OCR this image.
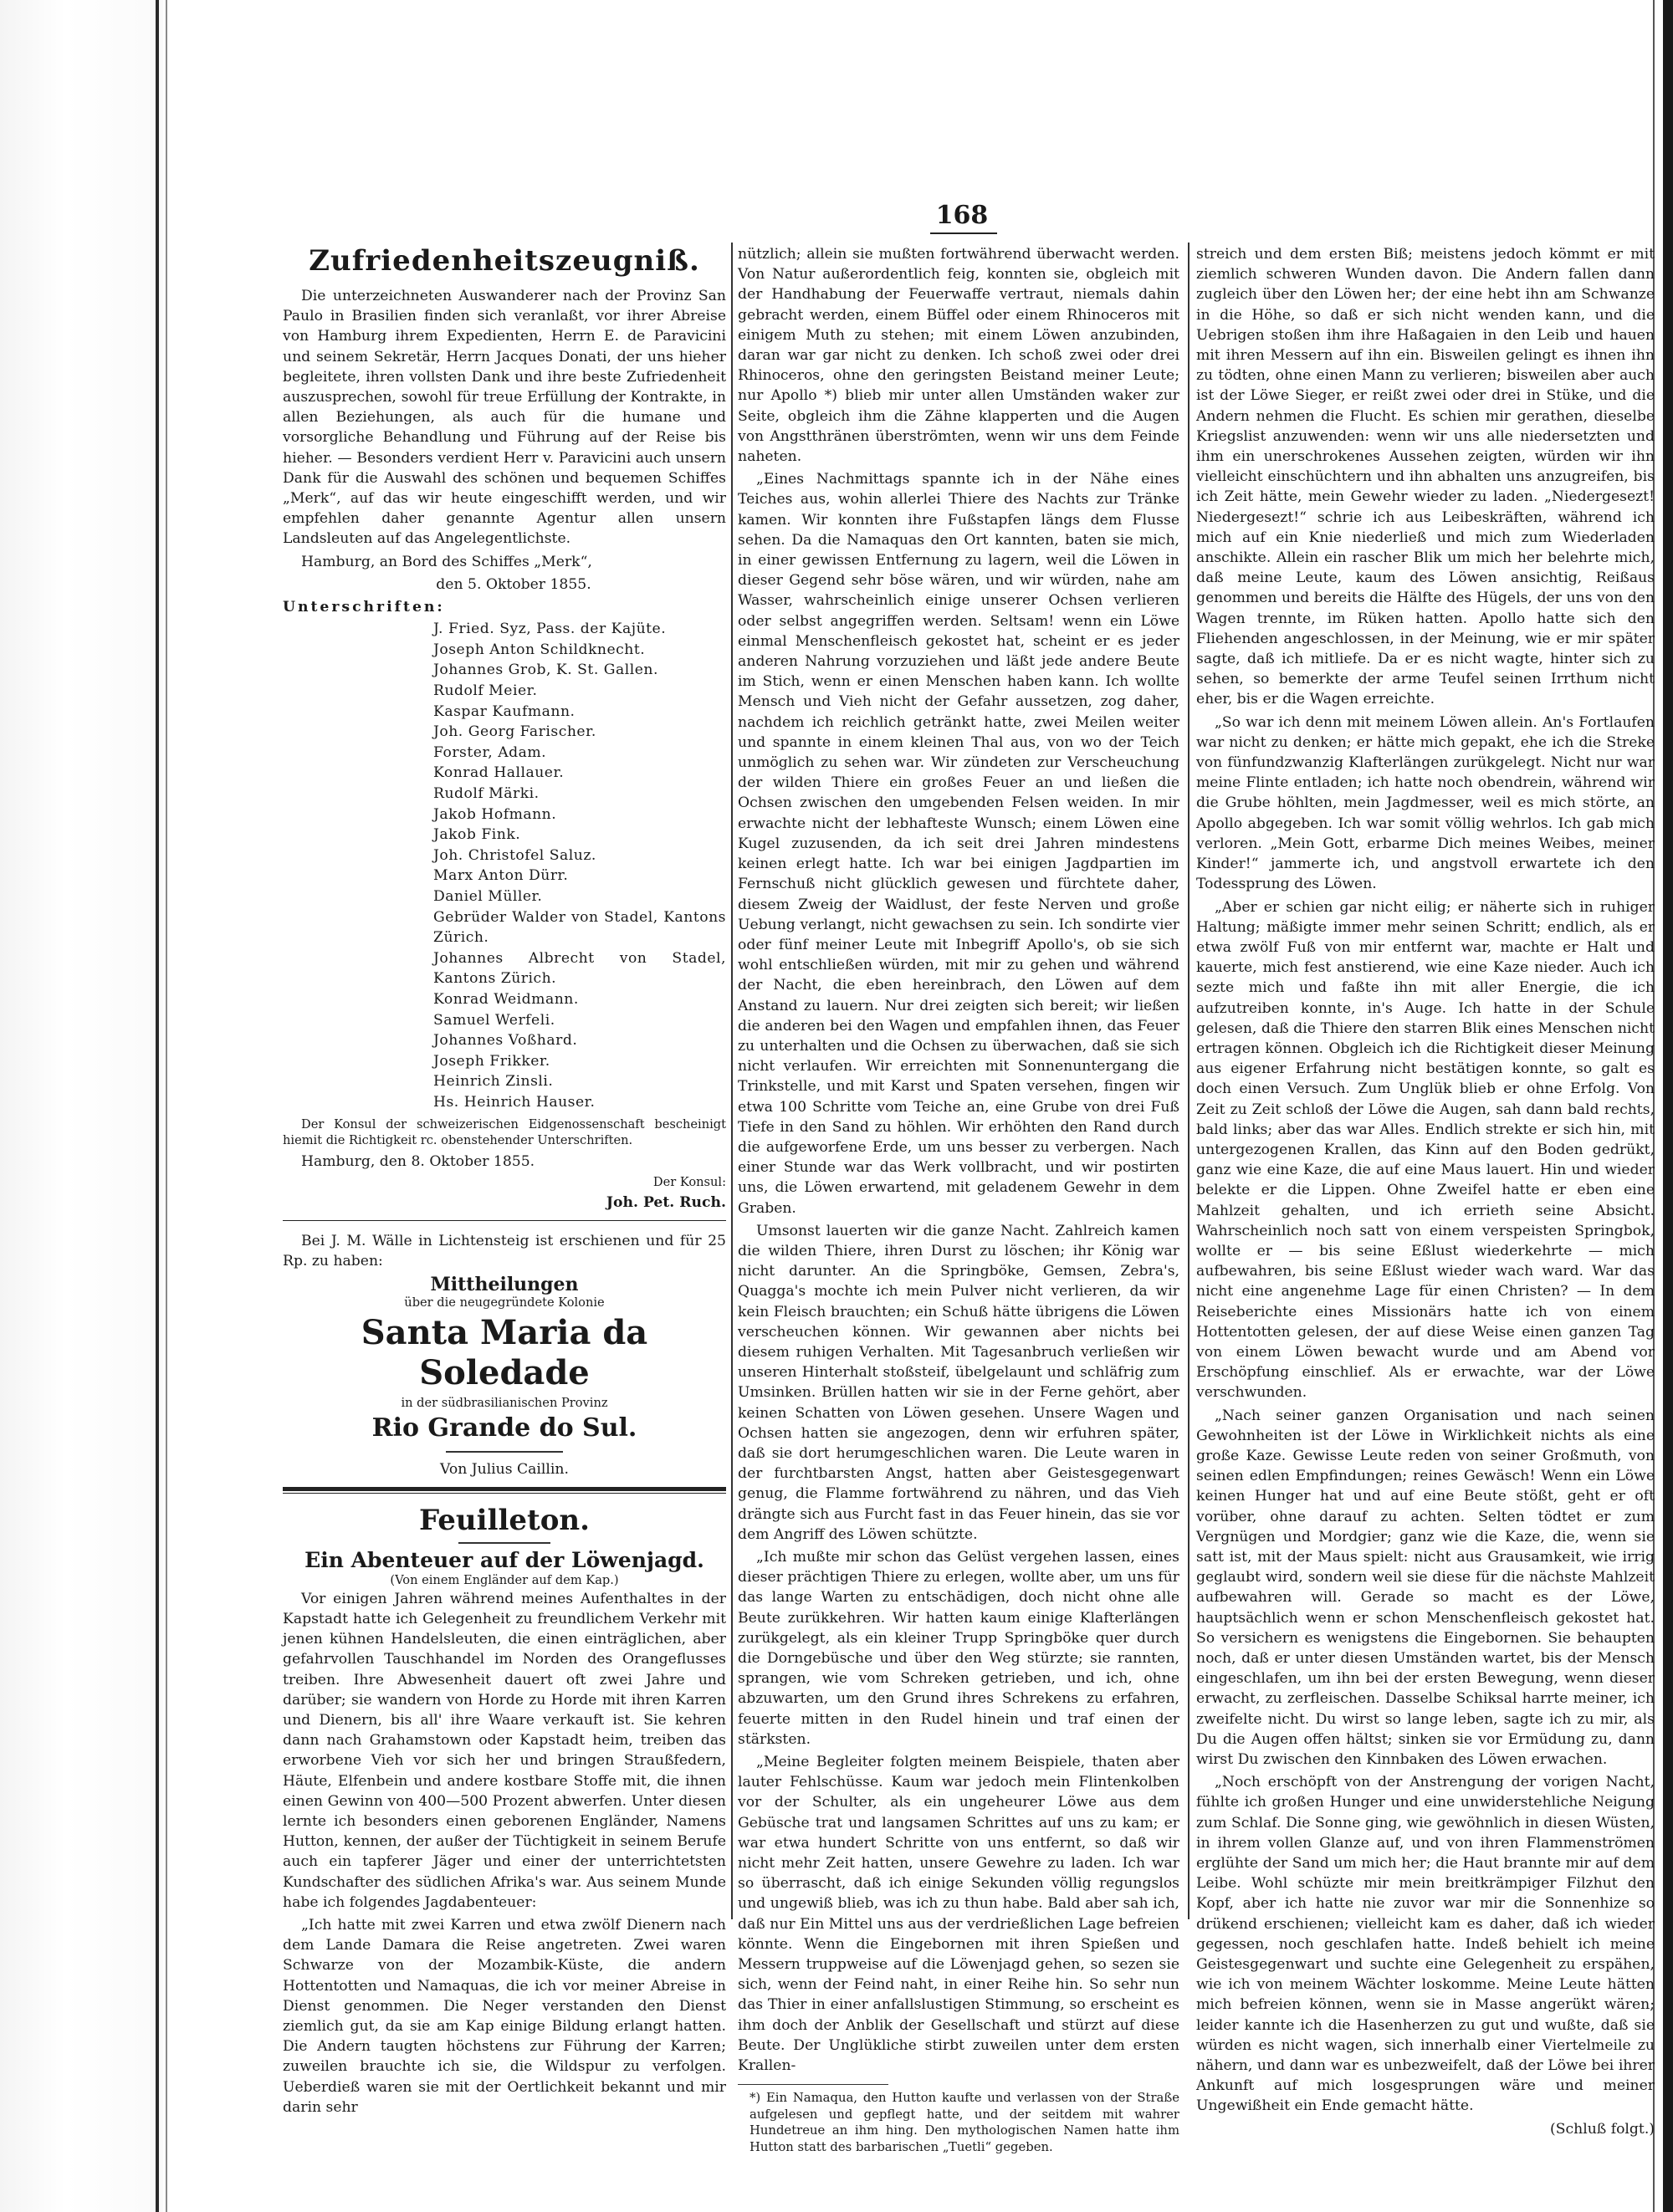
168
Zufriedenheitszeugniß.

Die unterzeichneten Auswanderer nach der Provinz San Paulo in Brasilien finden sich veranlaßt, vor ihrer Abreise von Hamburg ihrem Expedienten, Herrn E. de Paravicini und seinem Sekretär, Herrn Jacques Donati, der uns hieher begleitete, ihren vollsten Dank und ihre beste Zufriedenheit auszusprechen, sowohl für treue Erfüllung der Kontrakte, in allen Beziehungen, als auch für die humane und vorsorgliche Behandlung und Führung auf der Reise bis hieher. — Besonders verdient Herr v. Paravicini auch unsern Dank für die Auswahl des schönen und bequemen Schiffes „Merk“, auf das wir heute eingeschifft werden, und wir empfehlen daher genannte Agentur allen unsern Landsleuten auf das Angelegentlichste.

Hamburg, an Bord des Schiffes „Merk“,

den 5. Oktober 1855.

Unterschriften:

J. Fried. Syz, Pass. der Kajüte.
Joseph Anton Schildknecht.
Johannes Grob, K. St. Gallen.
Rudolf Meier.
Kaspar Kaufmann.
Joh. Georg Farischer.
Forster, Adam.
Konrad Hallauer.
Rudolf Märki.
Jakob Hofmann.
Jakob Fink.
Joh. Christofel Saluz.
Marx Anton Dürr.
Daniel Müller.
Gebrüder Walder von Stadel, Kantons Zürich.
Johannes Albrecht von Stadel, Kantons Zürich.
Konrad Weidmann.
Samuel Werfeli.
Johannes Voßhard.
Joseph Frikker.
Heinrich Zinsli.
Hs. Heinrich Hauser.

Der Konsul der schweizerischen Eidgenossenschaft bescheinigt hiemit die Richtigkeit rc. obenstehender Unterschriften.

Hamburg, den 8. Oktober 1855.

Der Konsul:

Joh. Pet. Ruch.

Bei J. M. Wälle in Lichtensteig ist erschienen und für 25 Rp. zu haben:

Mittheilungen
über die neugegründete Kolonie
Santa Maria da Soledade
in der südbrasilianischen Provinz
Rio Grande do Sul.
Von Julius Caillin.
Feuilleton.
Ein Abenteuer auf der Löwenjagd.
(Von einem Engländer auf dem Kap.)

Vor einigen Jahren während meines Aufenthaltes in der Kapstadt hatte ich Gelegenheit zu freundlichem Verkehr mit jenen kühnen Handelsleuten, die einen einträglichen, aber gefahrvollen Tauschhandel im Norden des Orangeflusses treiben. Ihre Abwesenheit dauert oft zwei Jahre und darüber; sie wandern von Horde zu Horde mit ihren Karren und Dienern, bis all' ihre Waare verkauft ist. Sie kehren dann nach Grahamstown oder Kapstadt heim, treiben das erworbene Vieh vor sich her und bringen Straußfedern, Häute, Elfenbein und andere kostbare Stoffe mit, die ihnen einen Gewinn von 400—500 Prozent abwerfen. Unter diesen lernte ich besonders einen geborenen Engländer, Namens Hutton, kennen, der außer der Tüchtigkeit in seinem Berufe auch ein tapferer Jäger und einer der unterrichtetsten Kundschafter des südlichen Afrika's war. Aus seinem Munde habe ich folgendes Jagdabenteuer:

„Ich hatte mit zwei Karren und etwa zwölf Dienern nach dem Lande Damara die Reise angetreten. Zwei waren Schwarze von der Mozambik-Küste, die andern Hottentotten und Namaquas, die ich vor meiner Abreise in Dienst genommen. Die Neger verstanden den Dienst ziemlich gut, da sie am Kap einige Bildung erlangt hatten. Die Andern taugten höchstens zur Führung der Karren; zuweilen brauchte ich sie, die Wildspur zu verfolgen. Ueberdieß waren sie mit der Oertlichkeit bekannt und mir darin sehr

nützlich; allein sie mußten fortwährend überwacht werden. Von Natur außerordentlich feig, konnten sie, obgleich mit der Handhabung der Feuerwaffe vertraut, niemals dahin gebracht werden, einem Büffel oder einem Rhinoceros mit einigem Muth zu stehen; mit einem Löwen anzubinden, daran war gar nicht zu denken. Ich schoß zwei oder drei Rhinoceros, ohne den geringsten Beistand meiner Leute; nur Apollo *) blieb mir unter allen Umständen waker zur Seite, obgleich ihm die Zähne klapperten und die Augen von Angstthränen überströmten, wenn wir uns dem Feinde naheten.

„Eines Nachmittags spannte ich in der Nähe eines Teiches aus, wohin allerlei Thiere des Nachts zur Tränke kamen. Wir konnten ihre Fußstapfen längs dem Flusse sehen. Da die Namaquas den Ort kannten, baten sie mich, in einer gewissen Entfernung zu lagern, weil die Löwen in dieser Gegend sehr böse wären, und wir würden, nahe am Wasser, wahrscheinlich einige unserer Ochsen verlieren oder selbst angegriffen werden. Seltsam! wenn ein Löwe einmal Menschenfleisch gekostet hat, scheint er es jeder anderen Nahrung vorzuziehen und läßt jede andere Beute im Stich, wenn er einen Menschen haben kann. Ich wollte Mensch und Vieh nicht der Gefahr aussetzen, zog daher, nachdem ich reichlich getränkt hatte, zwei Meilen weiter und spannte in einem kleinen Thal aus, von wo der Teich unmöglich zu sehen war. Wir zündeten zur Verscheuchung der wilden Thiere ein großes Feuer an und ließen die Ochsen zwischen den umgebenden Felsen weiden. In mir erwachte nicht der lebhafteste Wunsch; einem Löwen eine Kugel zuzusenden, da ich seit drei Jahren mindestens keinen erlegt hatte. Ich war bei einigen Jagdpartien im Fernschuß nicht glücklich gewesen und fürchtete daher, diesem Zweig der Waidlust, der feste Nerven und große Uebung verlangt, nicht gewachsen zu sein. Ich sondirte vier oder fünf meiner Leute mit Inbegriff Apollo's, ob sie sich wohl entschließen würden, mit mir zu gehen und während der Nacht, die eben hereinbrach, den Löwen auf dem Anstand zu lauern. Nur drei zeigten sich bereit; wir ließen die anderen bei den Wagen und empfahlen ihnen, das Feuer zu unterhalten und die Ochsen zu überwachen, daß sie sich nicht verlaufen. Wir erreichten mit Sonnenuntergang die Trinkstelle, und mit Karst und Spaten versehen, fingen wir etwa 100 Schritte vom Teiche an, eine Grube von drei Fuß Tiefe in den Sand zu höhlen. Wir erhöhten den Rand durch die aufgeworfene Erde, um uns besser zu verbergen. Nach einer Stunde war das Werk vollbracht, und wir postirten uns, die Löwen erwartend, mit geladenem Gewehr in dem Graben.

Umsonst lauerten wir die ganze Nacht. Zahlreich kamen die wilden Thiere, ihren Durst zu löschen; ihr König war nicht darunter. An die Springböke, Gemsen, Zebra's, Quagga's mochte ich mein Pulver nicht verlieren, da wir kein Fleisch brauchten; ein Schuß hätte übrigens die Löwen verscheuchen können. Wir gewannen aber nichts bei diesem ruhigen Verhalten. Mit Tagesanbruch verließen wir unseren Hinterhalt stoßsteif, übelgelaunt und schläfrig zum Umsinken. Brüllen hatten wir sie in der Ferne gehört, aber keinen Schatten von Löwen gesehen. Unsere Wagen und Ochsen hatten sie angezogen, denn wir erfuhren später, daß sie dort herumgeschlichen waren. Die Leute waren in der furchtbarsten Angst, hatten aber Geistesgegenwart genug, die Flamme fortwährend zu nähren, und das Vieh drängte sich aus Furcht fast in das Feuer hinein, das sie vor dem Angriff des Löwen schützte.

„Ich mußte mir schon das Gelüst vergehen lassen, eines dieser prächtigen Thiere zu erlegen, wollte aber, um uns für das lange Warten zu entschädigen, doch nicht ohne alle Beute zurükkehren. Wir hatten kaum einige Klafterlängen zurükgelegt, als ein kleiner Trupp Springböke quer durch die Dorngebüsche und über den Weg stürzte; sie rannten, sprangen, wie vom Schreken getrieben, und ich, ohne abzuwarten, um den Grund ihres Schrekens zu erfahren, feuerte mitten in den Rudel hinein und traf einen der stärksten.

„Meine Begleiter folgten meinem Beispiele, thaten aber lauter Fehlschüsse. Kaum war jedoch mein Flintenkolben vor der Schulter, als ein ungeheurer Löwe aus dem Gebüsche trat und langsamen Schrittes auf uns zu kam; er war etwa hundert Schritte von uns entfernt, so daß wir nicht mehr Zeit hatten, unsere Gewehre zu laden. Ich war so überrascht, daß ich einige Sekunden völlig regungslos und ungewiß blieb, was ich zu thun habe. Bald aber sah ich, daß nur Ein Mittel uns aus der verdrießlichen Lage befreien könnte. Wenn die Eingebornen mit ihren Spießen und Messern truppweise auf die Löwenjagd gehen, so sezen sie sich, wenn der Feind naht, in einer Reihe hin. So sehr nun das Thier in einer anfallslustigen Stimmung, so erscheint es ihm doch der Anblik der Gesellschaft und stürzt auf diese Beute. Der Unglükliche stirbt zuweilen unter dem ersten Krallen-

*) Ein Namaqua, den Hutton kaufte und verlassen von der Straße aufgelesen und gepflegt hatte, und der seitdem mit wahrer Hundetreue an ihm hing. Den mythologischen Namen hatte ihm Hutton statt des barbarischen „Tuetli“ gegeben.

streich und dem ersten Biß; meistens jedoch kömmt er mit ziemlich schweren Wunden davon. Die Andern fallen dann zugleich über den Löwen her; der eine hebt ihn am Schwanze in die Höhe, so daß er sich nicht wenden kann, und die Uebrigen stoßen ihm ihre Haßagaien in den Leib und hauen mit ihren Messern auf ihn ein. Bisweilen gelingt es ihnen ihn zu tödten, ohne einen Mann zu verlieren; bisweilen aber auch ist der Löwe Sieger, er reißt zwei oder drei in Stüke, und die Andern nehmen die Flucht. Es schien mir gerathen, dieselbe Kriegslist anzuwenden: wenn wir uns alle niedersetzten und ihm ein unerschrokenes Aussehen zeigten, würden wir ihn vielleicht einschüchtern und ihn abhalten uns anzugreifen, bis ich Zeit hätte, mein Gewehr wieder zu laden. „Niedergesezt! Niedergesezt!“ schrie ich aus Leibeskräften, während ich mich auf ein Knie niederließ und mich zum Wiederladen anschikte. Allein ein rascher Blik um mich her belehrte mich, daß meine Leute, kaum des Löwen ansichtig, Reißaus genommen und bereits die Hälfte des Hügels, der uns von den Wagen trennte, im Rüken hatten. Apollo hatte sich den Fliehenden angeschlossen, in der Meinung, wie er mir später sagte, daß ich mitliefe. Da er es nicht wagte, hinter sich zu sehen, so bemerkte der arme Teufel seinen Irrthum nicht eher, bis er die Wagen erreichte.

„So war ich denn mit meinem Löwen allein. An's Fortlaufen war nicht zu denken; er hätte mich gepakt, ehe ich die Streke von fünfundzwanzig Klafterlängen zurükgelegt. Nicht nur war meine Flinte entladen; ich hatte noch obendrein, während wir die Grube höhlten, mein Jagdmesser, weil es mich störte, an Apollo abgegeben. Ich war somit völlig wehrlos. Ich gab mich verloren. „Mein Gott, erbarme Dich meines Weibes, meiner Kinder!“ jammerte ich, und angstvoll erwartete ich den Todessprung des Löwen.

„Aber er schien gar nicht eilig; er näherte sich in ruhiger Haltung; mäßigte immer mehr seinen Schritt; endlich, als er etwa zwölf Fuß von mir entfernt war, machte er Halt und kauerte, mich fest anstierend, wie eine Kaze nieder. Auch ich sezte mich und faßte ihn mit aller Energie, die ich aufzutreiben konnte, in's Auge. Ich hatte in der Schule gelesen, daß die Thiere den starren Blik eines Menschen nicht ertragen können. Obgleich ich die Richtigkeit dieser Meinung aus eigener Erfahrung nicht bestätigen konnte, so galt es doch einen Versuch. Zum Unglük blieb er ohne Erfolg. Von Zeit zu Zeit schloß der Löwe die Augen, sah dann bald rechts, bald links; aber das war Alles. Endlich strekte er sich hin, mit untergezogenen Krallen, das Kinn auf den Boden gedrükt, ganz wie eine Kaze, die auf eine Maus lauert. Hin und wieder belekte er die Lippen. Ohne Zweifel hatte er eben eine Mahlzeit gehalten, und ich errieth seine Absicht. Wahrscheinlich noch satt von einem verspeisten Springbok, wollte er — bis seine Eßlust wiederkehrte — mich aufbewahren, bis seine Eßlust wieder wach ward. War das nicht eine angenehme Lage für einen Christen? — In dem Reiseberichte eines Missionärs hatte ich von einem Hottentotten gelesen, der auf diese Weise einen ganzen Tag von einem Löwen bewacht wurde und am Abend vor Erschöpfung einschlief. Als er erwachte, war der Löwe verschwunden.

„Nach seiner ganzen Organisation und nach seinen Gewohnheiten ist der Löwe in Wirklichkeit nichts als eine große Kaze. Gewisse Leute reden von seiner Großmuth, von seinen edlen Empfindungen; reines Gewäsch! Wenn ein Löwe keinen Hunger hat und auf eine Beute stößt, geht er oft vorüber, ohne darauf zu achten. Selten tödtet er zum Vergnügen und Mordgier; ganz wie die Kaze, die, wenn sie satt ist, mit der Maus spielt: nicht aus Grausamkeit, wie irrig geglaubt wird, sondern weil sie diese für die nächste Mahlzeit aufbewahren will. Gerade so macht es der Löwe, hauptsächlich wenn er schon Menschenfleisch gekostet hat. So versichern es wenigstens die Eingebornen. Sie behaupten noch, daß er unter diesen Umständen wartet, bis der Mensch eingeschlafen, um ihn bei der ersten Bewegung, wenn dieser erwacht, zu zerfleischen. Dasselbe Schiksal harrte meiner, ich zweifelte nicht. Du wirst so lange leben, sagte ich zu mir, als Du die Augen offen hältst; sinken sie vor Ermüdung zu, dann wirst Du zwischen den Kinnbaken des Löwen erwachen.

„Noch erschöpft von der Anstrengung der vorigen Nacht, fühlte ich großen Hunger und eine unwiderstehliche Neigung zum Schlaf. Die Sonne ging, wie gewöhnlich in diesen Wüsten, in ihrem vollen Glanze auf, und von ihren Flammenströmen erglühte der Sand um mich her; die Haut brannte mir auf dem Leibe. Wohl schüzte mir mein breitkrämpiger Filzhut den Kopf, aber ich hatte nie zuvor war mir die Sonnenhize so drükend erschienen; vielleicht kam es daher, daß ich wieder gegessen, noch geschlafen hatte. Indeß behielt ich meine Geistesgegenwart und suchte eine Gelegenheit zu erspähen, wie ich von meinem Wächter loskomme. Meine Leute hätten mich befreien können, wenn sie in Masse angerükt wären; leider kannte ich die Hasenherzen zu gut und wußte, daß sie würden es nicht wagen, sich innerhalb einer Viertelmeile zu nähern, und dann war es unbezweifelt, daß der Löwe bei ihrer Ankunft auf mich losgesprungen wäre und meiner Ungewißheit ein Ende gemacht hätte.

(Schluß folgt.)
